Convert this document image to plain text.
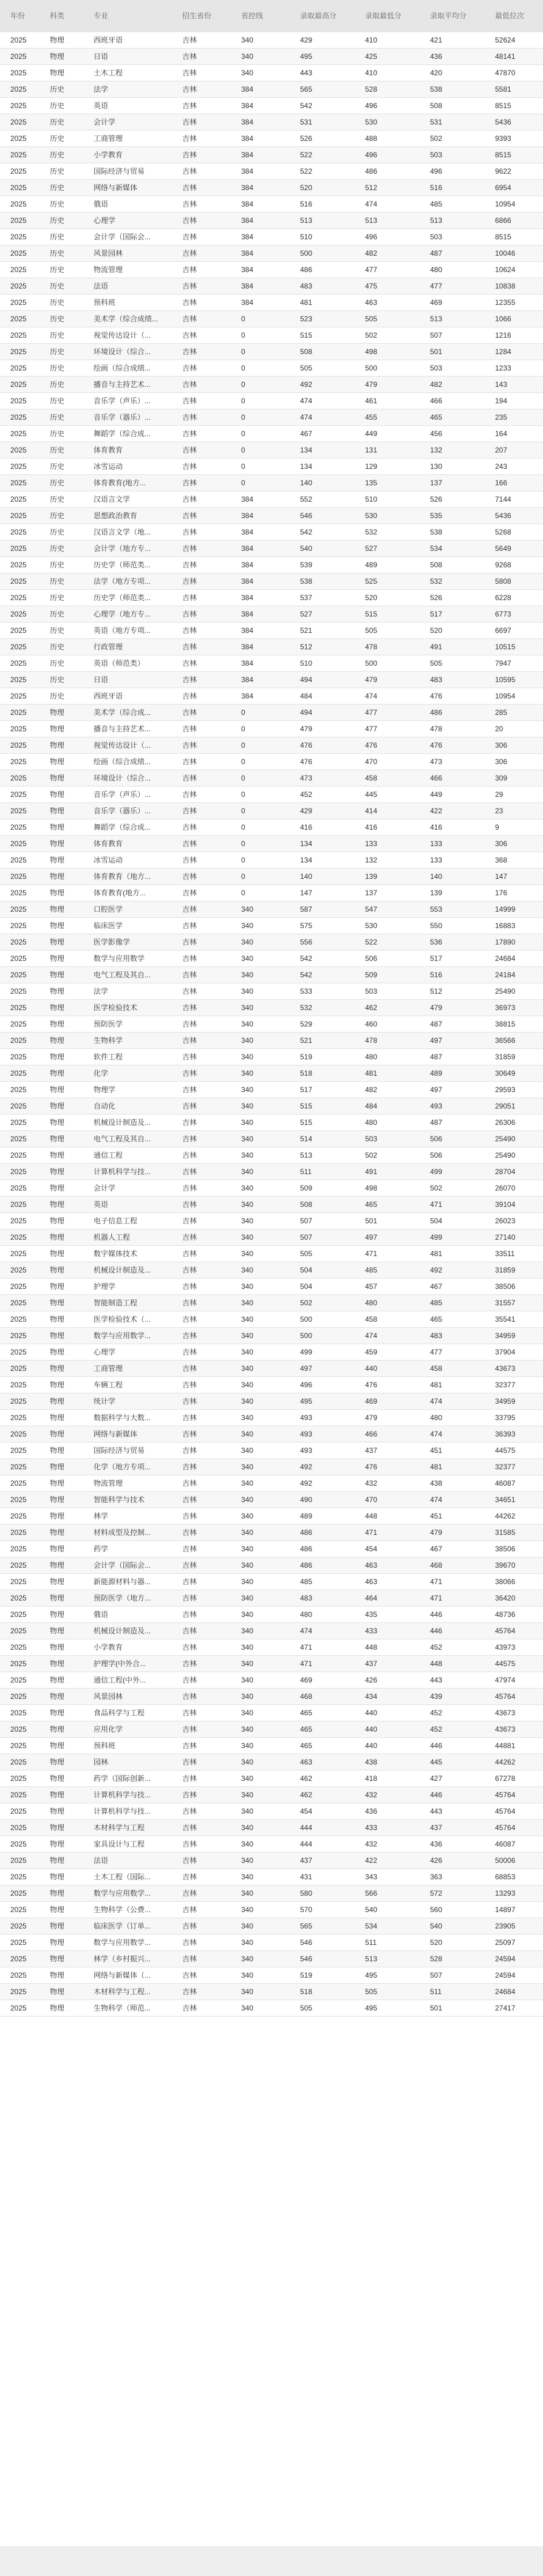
年份	科类	专业	招生省份	省控线	录取最高分	录取最低分	录取平均分	最低位次
2025	物理	西班牙语	吉林	340	429	410	421	52624
2025	物理	日语	吉林	340	495	425	436	48141
2025	物理	土木工程	吉林	340	443	410	420	47870
2025	历史	法学	吉林	384	565	528	538	5581
2025	历史	英语	吉林	384	542	496	508	8515
2025	历史	会计学	吉林	384	531	530	531	5436
2025	历史	工商管理	吉林	384	526	488	502	9393
2025	历史	小学教育	吉林	384	522	496	503	8515
2025	历史	国际经济与贸易	吉林	384	522	486	496	9622
2025	历史	网络与新媒体	吉林	384	520	512	516	6954
2025	历史	俄语	吉林	384	516	474	485	10954
2025	历史	心理学	吉林	384	513	513	513	6866
2025	历史	会计学（国际会...	吉林	384	510	496	503	8515
2025	历史	风景园林	吉林	384	500	482	487	10046
2025	历史	物流管理	吉林	384	486	477	480	10624
2025	历史	法语	吉林	384	483	475	477	10838
2025	历史	预科班	吉林	384	481	463	469	12355
2025	历史	美术学（综合成绩...	吉林	0	523	505	513	1066
2025	历史	视觉传达设计（...	吉林	0	515	502	507	1216
2025	历史	环境设计（综合...	吉林	0	508	498	501	1284
2025	历史	绘画（综合成绩...	吉林	0	505	500	503	1233
2025	历史	播音与主持艺术...	吉林	0	492	479	482	143
2025	历史	音乐学（声乐）...	吉林	0	474	461	466	194
2025	历史	音乐学（器乐）...	吉林	0	474	455	465	235
2025	历史	舞蹈学（综合成...	吉林	0	467	449	456	164
2025	历史	体育教育	吉林	0	134	131	132	207
2025	历史	冰雪运动	吉林	0	134	129	130	243
2025	历史	体育教育(地方...	吉林	0	140	135	137	166
2025	历史	汉语言文学	吉林	384	552	510	526	7144
2025	历史	思想政治教育	吉林	384	546	530	535	5436
2025	历史	汉语言文学（地...	吉林	384	542	532	538	5268
2025	历史	会计学（地方专...	吉林	384	540	527	534	5649
2025	历史	历史学（师范类...	吉林	384	539	489	508	9268
2025	历史	法学（地方专项...	吉林	384	538	525	532	5808
2025	历史	历史学（师范类...	吉林	384	537	520	526	6228
2025	历史	心理学（地方专...	吉林	384	527	515	517	6773
2025	历史	英语（地方专项...	吉林	384	521	505	520	6697
2025	历史	行政管理	吉林	384	512	478	491	10515
2025	历史	英语（师范类）	吉林	384	510	500	505	7947
2025	历史	日语	吉林	384	494	479	483	10595
2025	历史	西班牙语	吉林	384	484	474	476	10954
2025	物理	美术学（综合成...	吉林	0	494	477	486	285
2025	物理	播音与主持艺术...	吉林	0	479	477	478	20
2025	物理	视觉传达设计（...	吉林	0	476	476	476	306
2025	物理	绘画（综合成绩...	吉林	0	476	470	473	306
2025	物理	环境设计（综合...	吉林	0	473	458	466	309
2025	物理	音乐学（声乐）...	吉林	0	452	445	449	29
2025	物理	音乐学（器乐）...	吉林	0	429	414	422	23
2025	物理	舞蹈学（综合成...	吉林	0	416	416	416	9
2025	物理	体育教育	吉林	0	134	133	133	306
2025	物理	冰雪运动	吉林	0	134	132	133	368
2025	物理	体育教育（地方...	吉林	0	140	139	140	147
2025	物理	体育教育(地方...	吉林	0	147	137	139	176
2025	物理	口腔医学	吉林	340	587	547	553	14999
2025	物理	临床医学	吉林	340	575	530	550	16883
2025	物理	医学影像学	吉林	340	556	522	536	17890
2025	物理	数学与应用数学	吉林	340	542	506	517	24684
2025	物理	电气工程及其自...	吉林	340	542	509	516	24184
2025	物理	法学	吉林	340	533	503	512	25490
2025	物理	医学检验技术	吉林	340	532	462	479	36973
2025	物理	预防医学	吉林	340	529	460	487	38815
2025	物理	生物科学	吉林	340	521	478	497	36566
2025	物理	软件工程	吉林	340	519	480	487	31859
2025	物理	化学	吉林	340	518	481	489	30649
2025	物理	物理学	吉林	340	517	482	497	29593
2025	物理	自动化	吉林	340	515	484	493	29051
2025	物理	机械设计制造及...	吉林	340	515	480	487	26306
2025	物理	电气工程及其自...	吉林	340	514	503	506	25490
2025	物理	通信工程	吉林	340	513	502	506	25490
2025	物理	计算机科学与技...	吉林	340	511	491	499	28704
2025	物理	会计学	吉林	340	509	498	502	26070
2025	物理	英语	吉林	340	508	465	471	39104
2025	物理	电子信息工程	吉林	340	507	501	504	26023
2025	物理	机器人工程	吉林	340	507	497	499	27140
2025	物理	数字媒体技术	吉林	340	505	471	481	33511
2025	物理	机械设计制造及...	吉林	340	504	485	492	31859
2025	物理	护理学	吉林	340	504	457	467	38506
2025	物理	智能制造工程	吉林	340	502	480	485	31557
2025	物理	医学检验技术（...	吉林	340	500	458	465	35541
2025	物理	数学与应用数学...	吉林	340	500	474	483	34959
2025	物理	心理学	吉林	340	499	459	477	37904
2025	物理	工商管理	吉林	340	497	440	458	43673
2025	物理	车辆工程	吉林	340	496	476	481	32377
2025	物理	统计学	吉林	340	495	469	474	34959
2025	物理	数据科学与大数...	吉林	340	493	479	480	33795
2025	物理	网络与新媒体	吉林	340	493	466	474	36393
2025	物理	国际经济与贸易	吉林	340	493	437	451	44575
2025	物理	化学（地方专项...	吉林	340	492	476	481	32377
2025	物理	物流管理	吉林	340	492	432	438	46087
2025	物理	智能科学与技术	吉林	340	490	470	474	34651
2025	物理	林学	吉林	340	489	448	451	44262
2025	物理	材料成型及控制...	吉林	340	486	471	479	31585
2025	物理	药学	吉林	340	486	454	467	38506
2025	物理	会计学（国际会...	吉林	340	486	463	468	39670
2025	物理	新能源材料与器...	吉林	340	485	463	471	38066
2025	物理	预防医学（地方...	吉林	340	483	464	471	36420
2025	物理	俄语	吉林	340	480	435	446	48736
2025	物理	机械设计制造及...	吉林	340	474	433	446	45764
2025	物理	小学教育	吉林	340	471	448	452	43973
2025	物理	护理学(中外合...	吉林	340	471	437	448	44575
2025	物理	通信工程(中外...	吉林	340	469	426	443	47974
2025	物理	风景园林	吉林	340	468	434	439	45764
2025	物理	食品科学与工程	吉林	340	465	440	452	43673
2025	物理	应用化学	吉林	340	465	440	452	43673
2025	物理	预科班	吉林	340	465	440	446	44881
2025	物理	园林	吉林	340	463	438	445	44262
2025	物理	药学（国际创新...	吉林	340	462	418	427	67278
2025	物理	计算机科学与技...	吉林	340	462	432	446	45764
2025	物理	计算机科学与技...	吉林	340	454	436	443	45764
2025	物理	木材科学与工程	吉林	340	444	433	437	45764
2025	物理	家具设计与工程	吉林	340	444	432	436	46087
2025	物理	法语	吉林	340	437	422	426	50006
2025	物理	土木工程（国际...	吉林	340	431	343	363	68853
2025	物理	数学与应用数学...	吉林	340	580	566	572	13293
2025	物理	生物科学（公费...	吉林	340	570	540	560	14897
2025	物理	临床医学（订单...	吉林	340	565	534	540	23905
2025	物理	数学与应用数学...	吉林	340	546	511	520	25097
2025	物理	林学（乡村振兴...	吉林	340	546	513	528	24594
2025	物理	网络与新媒体（...	吉林	340	519	495	507	24594
2025	物理	木材科学与工程...	吉林	340	518	505	511	24684
2025	物理	生物科学（师范...	吉林	340	505	495	501	27417
